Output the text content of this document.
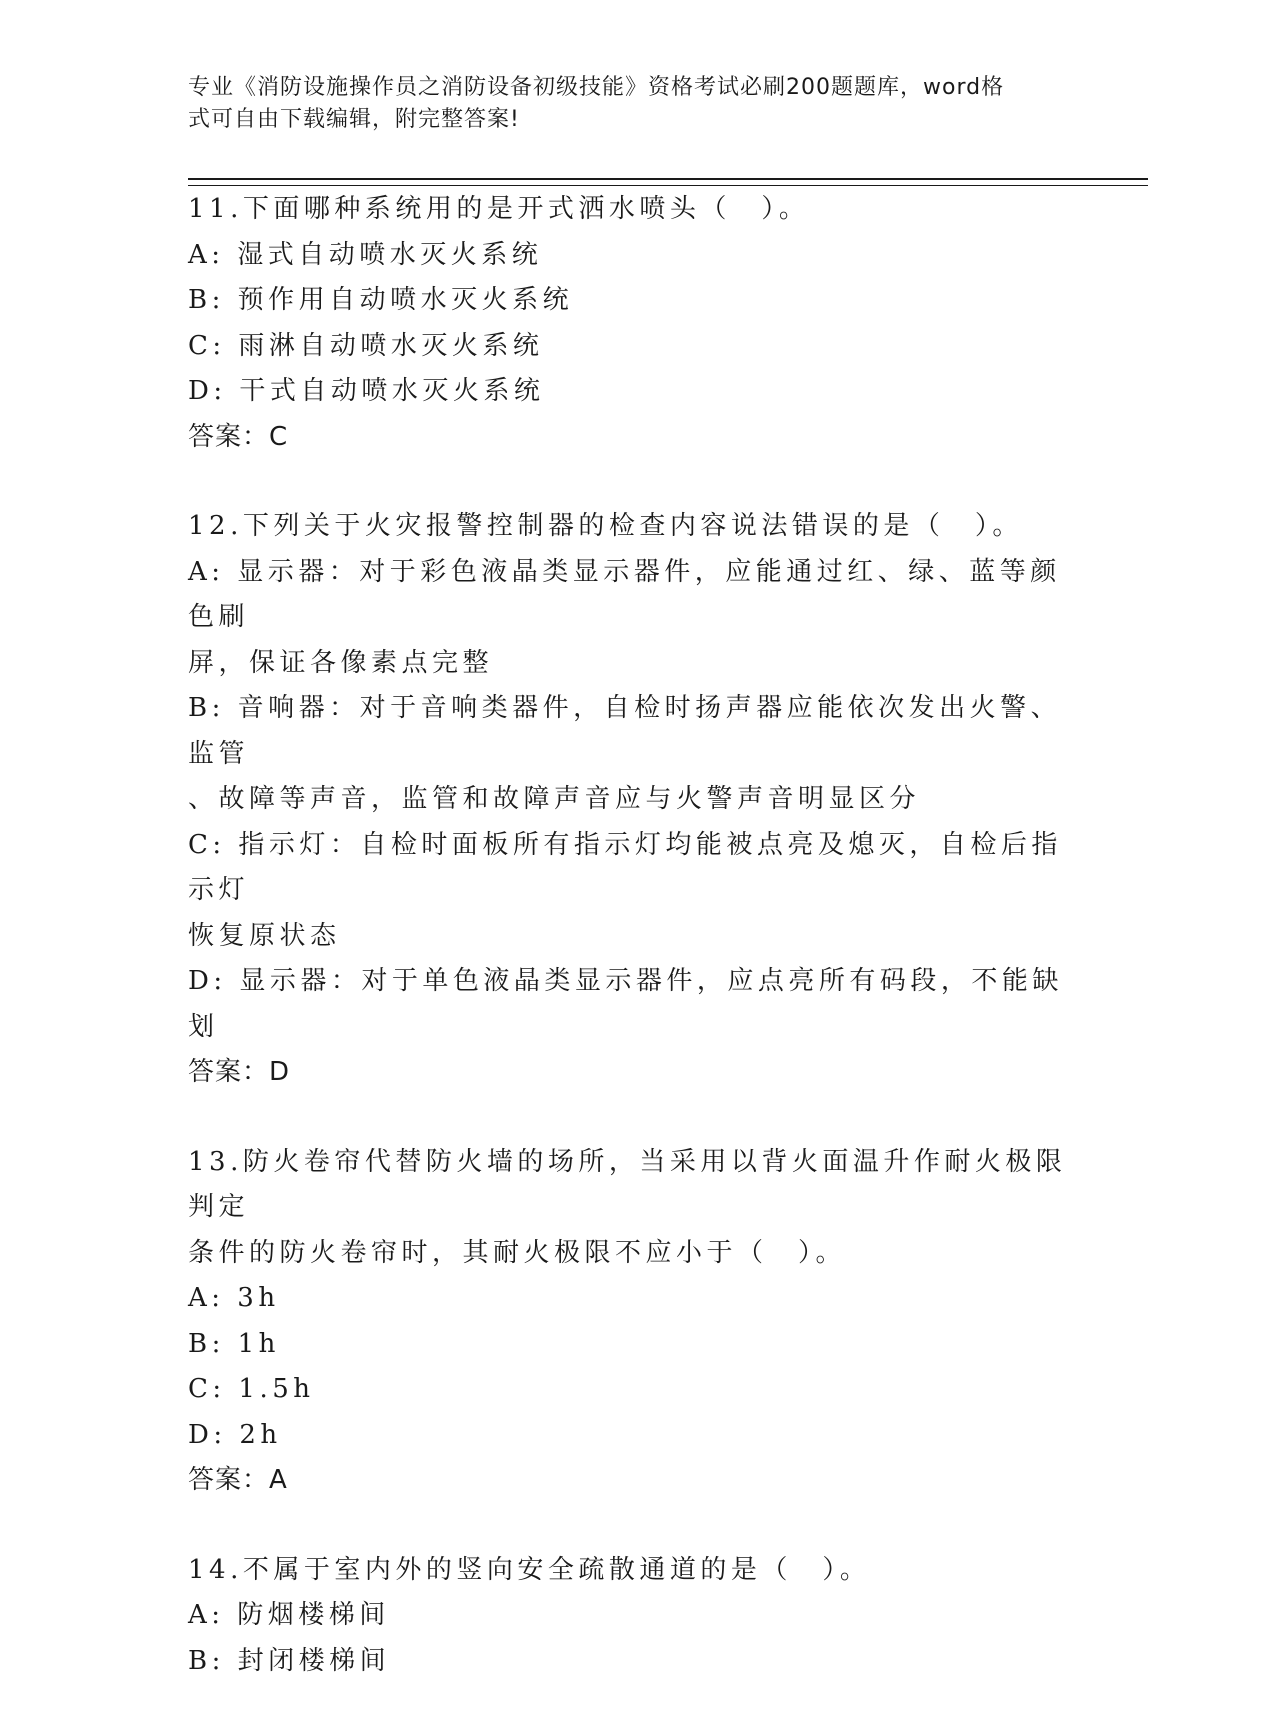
专业《消防设施操作员之消防设备初级技能》资格考试必刷200题题库，word格
式可自由下载编辑，附完整答案!
11.下面哪种系统用的是开式洒水喷头（　）。
A: 湿式自动喷水灭火系统
B: 预作用自动喷水灭火系统
C: 雨淋自动喷水灭火系统
D: 干式自动喷水灭火系统
答案：C
12.下列关于火灾报警控制器的检查内容说法错误的是（　）。
A: 显示器：对于彩色液晶类显示器件，应能通过红、绿、蓝等颜色刷
屏，保证各像素点完整
B: 音响器：对于音响类器件，自检时扬声器应能依次发出火警、监管
、故障等声音，监管和故障声音应与火警声音明显区分
C: 指示灯：自检时面板所有指示灯均能被点亮及熄灭，自检后指示灯
恢复原状态
D: 显示器：对于单色液晶类显示器件，应点亮所有码段，不能缺划
答案：D
13.防火卷帘代替防火墙的场所，当采用以背火面温升作耐火极限判定
条件的防火卷帘时，其耐火极限不应小于（　）。
A: 3h
B: 1h
C: 1.5h
D: 2h
答案：A
14.不属于室内外的竖向安全疏散通道的是（　）。
A: 防烟楼梯间
B: 封闭楼梯间
